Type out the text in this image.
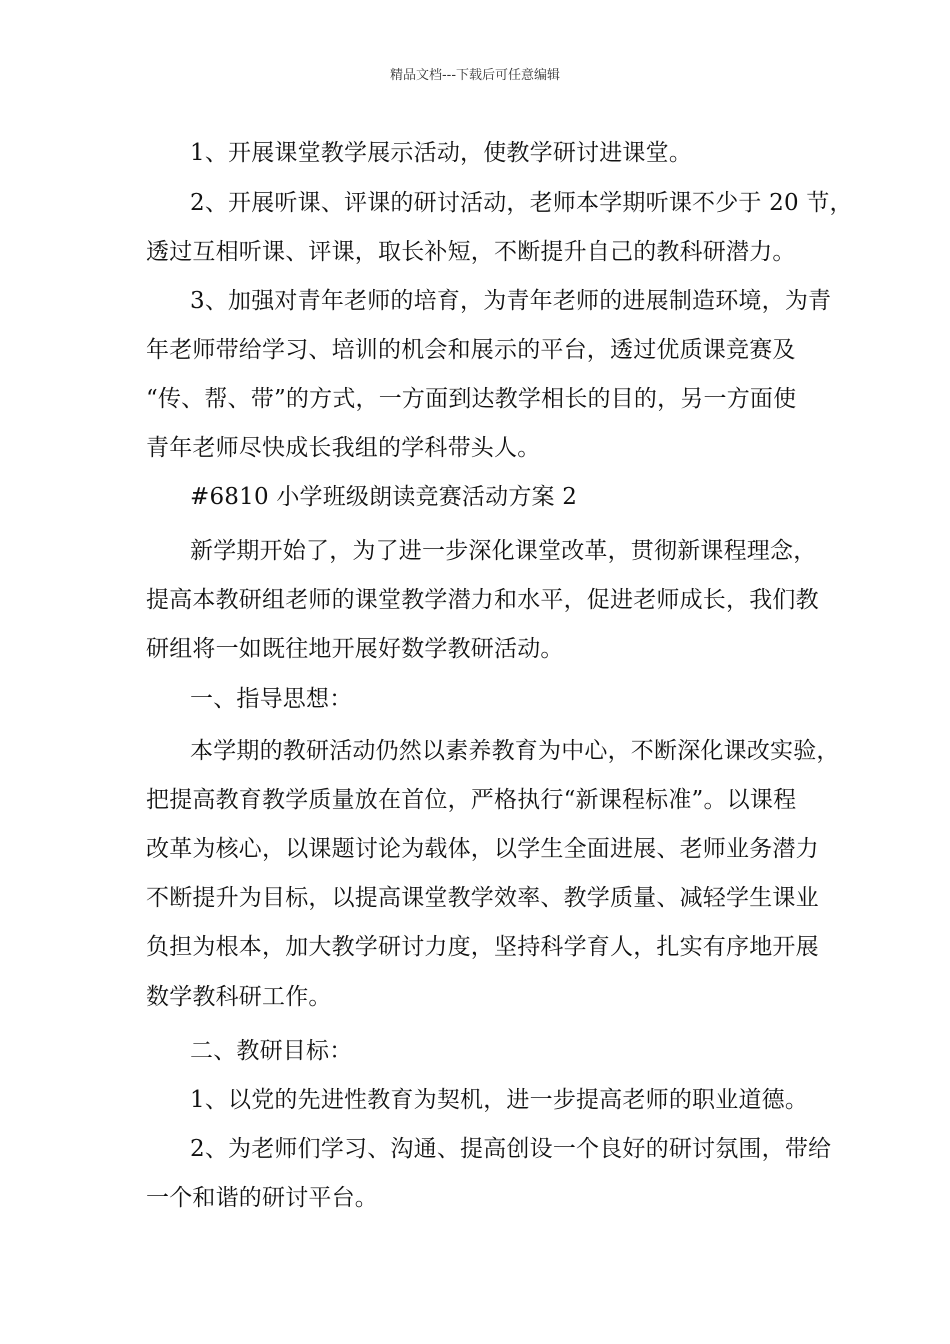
精品文档---下载后可任意编辑
1、开展课堂教学展示活动，使教学研讨进课堂。
2、开展听课、评课的研讨活动，老师本学期听课不少于 20 节，
透过互相听课、评课，取长补短，不断提升自己的教科研潜力。
3、加强对青年老师的培育，为青年老师的进展制造环境，为青
年老师带给学习、培训的机会和展示的平台，透过优质课竞赛及
“传、帮、带”的方式，一方面到达教学相长的目的，另一方面使
青年老师尽快成长我组的学科带头人。
#6810 小学班级朗读竞赛活动方案 2
新学期开始了，为了进一步深化课堂改革，贯彻新课程理念，
提高本教研组老师的课堂教学潜力和水平，促进老师成长，我们教
研组将一如既往地开展好数学教研活动。
一、指导思想：
本学期的教研活动仍然以素养教育为中心，不断深化课改实验，
把提高教育教学质量放在首位，严格执行“新课程标准”。以课程
改革为核心，以课题讨论为载体，以学生全面进展、老师业务潜力
不断提升为目标，以提高课堂教学效率、教学质量、减轻学生课业
负担为根本，加大教学研讨力度，坚持科学育人，扎实有序地开展
数学教科研工作。
二、教研目标：
1、以党的先进性教育为契机，进一步提高老师的职业道德。
2、为老师们学习、沟通、提高创设一个良好的研讨氛围，带给
一个和谐的研讨平台。
